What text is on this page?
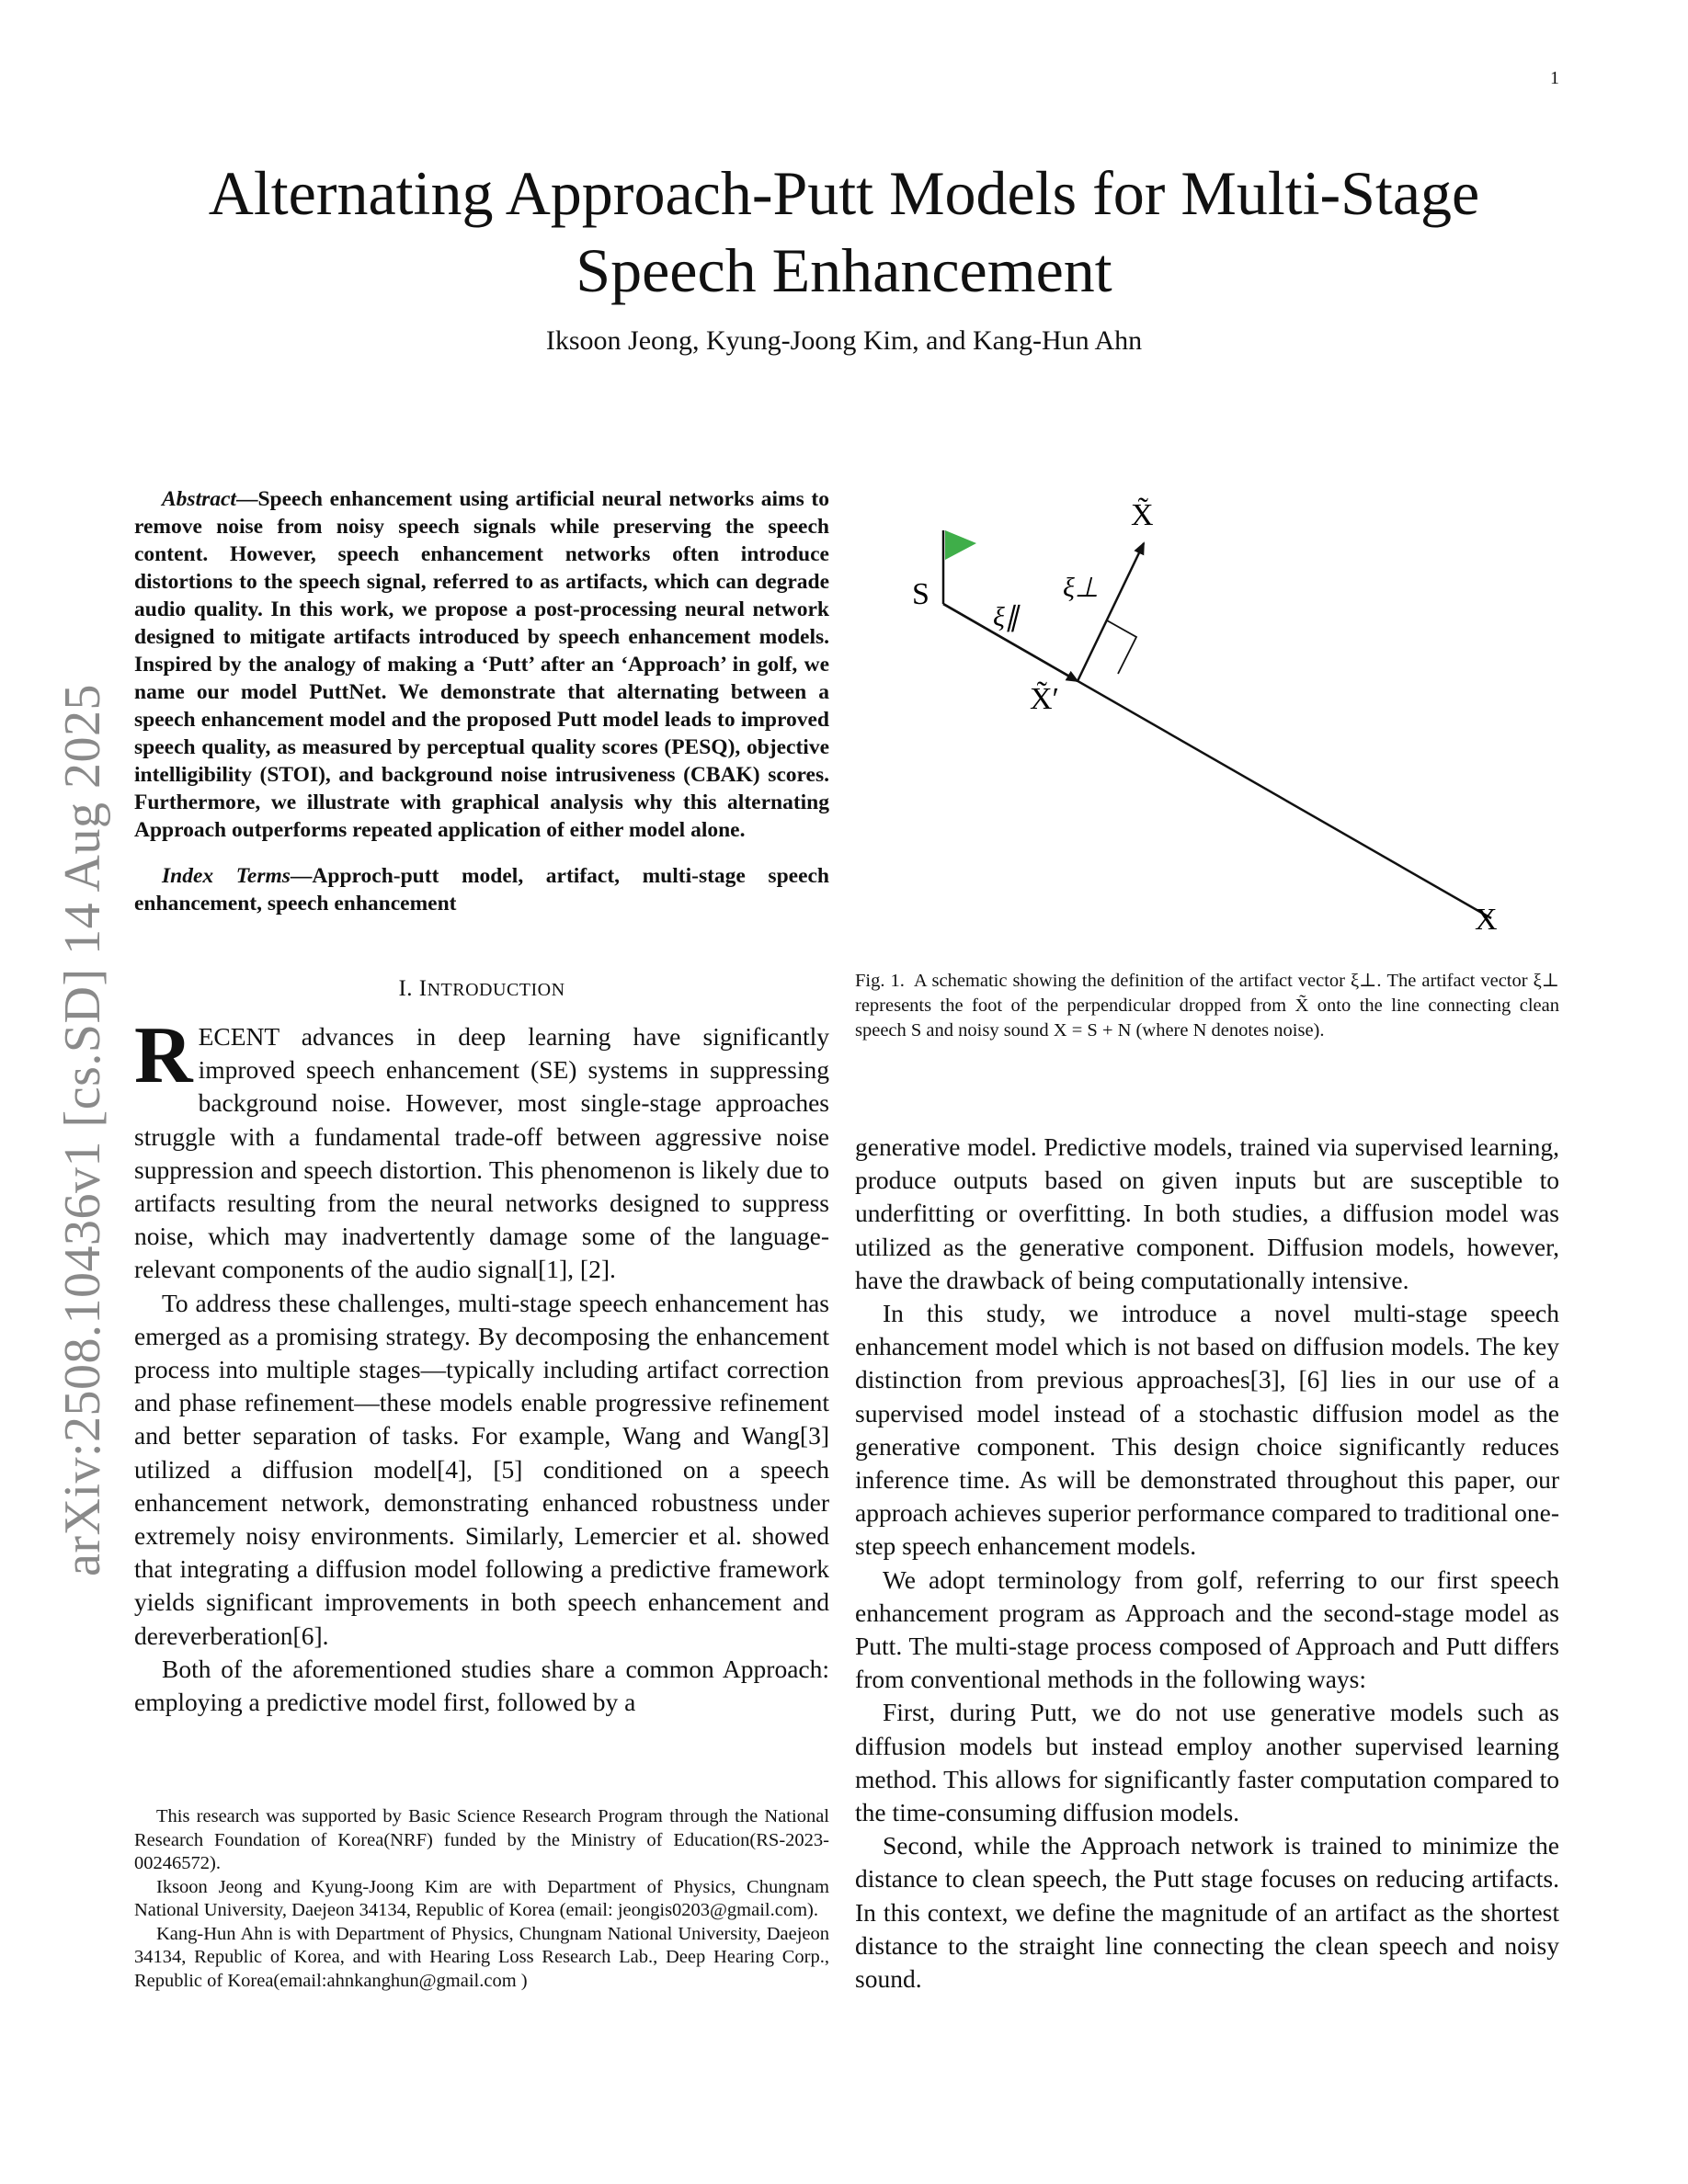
1
arXiv:2508.10436v1 [cs.SD] 14 Aug 2025
Alternating Approach-Putt Models for Multi-Stage
Speech Enhancement
Iksoon Jeong, Kyung-Joong Kim, and Kang-Hun Ahn

Abstract—Speech enhancement using artificial neural networks aims to remove noise from noisy speech signals while preserving the speech content. However, speech enhancement networks often introduce distortions to the speech signal, referred to as artifacts, which can degrade audio quality. In this work, we propose a post-processing neural network designed to mitigate artifacts introduced by speech enhancement models. Inspired by the analogy of making a ‘Putt’ after an ‘Approach’ in golf, we name our model PuttNet. We demonstrate that alternating between a speech enhancement model and the proposed Putt model leads to improved speech quality, as measured by perceptual quality scores (PESQ), objective intelligibility (STOI), and background noise intrusiveness (CBAK) scores. Furthermore, we illustrate with graphical analysis why this alternating Approach outperforms repeated application of either model alone.

Index Terms—Approch-putt model, artifact, multi-stage speech enhancement, speech enhancement

I. INTRODUCTION

RECENT advances in deep learning have significantly improved speech enhancement (SE) systems in suppressing background noise. However, most single-stage approaches struggle with a fundamental trade-off between aggressive noise suppression and speech distortion. This phenomenon is likely due to artifacts resulting from the neural networks designed to suppress noise, which may inadvertently damage some of the language-relevant components of the audio signal[1], [2].

To address these challenges, multi-stage speech enhancement has emerged as a promising strategy. By decomposing the enhancement process into multiple stages—typically including artifact correction and phase refinement—these models enable progressive refinement and better separation of tasks. For example, Wang and Wang[3] utilized a diffusion model[4], [5] conditioned on a speech enhancement network, demonstrating enhanced robustness under extremely noisy environments. Similarly, Lemercier et al. showed that integrating a diffusion model following a predictive framework yields significant improvements in both speech enhancement and dereverberation[6].

Both of the aforementioned studies share a common Approach: employing a predictive model first, followed by a

This research was supported by Basic Science Research Program through the National Research Foundation of Korea(NRF) funded by the Ministry of Education(RS-2023-00246572).

Iksoon Jeong and Kyung-Joong Kim are with Department of Physics, Chungnam National University, Daejeon 34134, Republic of Korea (email: jeongis0203@gmail.com).

Kang-Hun Ahn is with Department of Physics, Chungnam National University, Daejeon 34134, Republic of Korea, and with Hearing Loss Research Lab., Deep Hearing Corp., Republic of Korea(email:ahnkanghun@gmail.com )

S
X
X̃
X̃′
ξ∥
ξ⊥
Fig. 1. A schematic showing the definition of the artifact vector ξ⊥. The artifact vector ξ⊥ represents the foot of the perpendicular dropped from X̃ onto the line connecting clean speech S and noisy sound X = S + N (where N denotes noise).

generative model. Predictive models, trained via supervised learning, produce outputs based on given inputs but are susceptible to underfitting or overfitting. In both studies, a diffusion model was utilized as the generative component. Diffusion models, however, have the drawback of being computationally intensive.

In this study, we introduce a novel multi-stage speech enhancement model which is not based on diffusion models. The key distinction from previous approaches[3], [6] lies in our use of a supervised model instead of a stochastic diffusion model as the generative component. This design choice significantly reduces inference time. As will be demonstrated throughout this paper, our approach achieves superior performance compared to traditional one-step speech enhancement models.

We adopt terminology from golf, referring to our first speech enhancement program as Approach and the second-stage model as Putt. The multi-stage process composed of Approach and Putt differs from conventional methods in the following ways:

First, during Putt, we do not use generative models such as diffusion models but instead employ another supervised learning method. This allows for significantly faster computation compared to the time-consuming diffusion models.

Second, while the Approach network is trained to minimize the distance to clean speech, the Putt stage focuses on reducing artifacts. In this context, we define the magnitude of an artifact as the shortest distance to the straight line connecting the clean speech and noisy sound.
